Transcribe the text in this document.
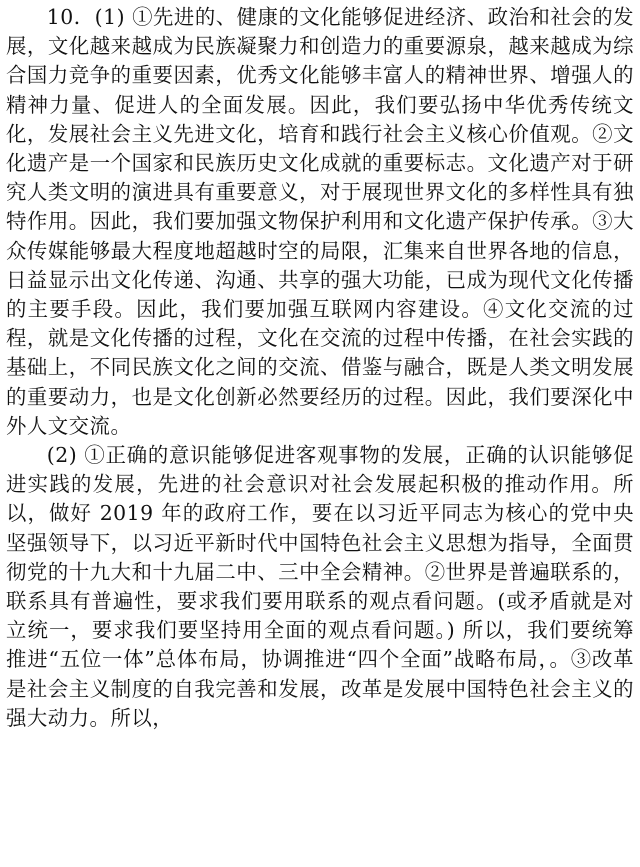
10．(1) ①先进的、健康的文化能够促进经济、政治和社会的发展，文化越来越成为民族凝聚力和创造力的重要源泉，越来越成为综合国力竞争的重要因素，优秀文化能够丰富人的精神世界、增强人的精神力量、促进人的全面发展。因此，我们要弘扬中华优秀传统文化，发展社会主义先进文化，培育和践行社会主义核心价值观。②文化遗产是一个国家和民族历史文化成就的重要标志。文化遗产对于研究人类文明的演进具有重要意义，对于展现世界文化的多样性具有独特作用。因此，我们要加强文物保护利用和文化遗产保护传承。③大众传媒能够最大程度地超越时空的局限，汇集来自世界各地的信息，日益显示出文化传递、沟通、共享的强大功能，已成为现代文化传播的主要手段。因此，我们要加强互联网内容建设。④文化交流的过程，就是文化传播的过程，文化在交流的过程中传播，在社会实践的基础上，不同民族文化之间的交流、借鉴与融合，既是人类文明发展的重要动力，也是文化创新必然要经历的过程。因此，我们要深化中外人文交流。

(2) ①正确的意识能够促进客观事物的发展，正确的认识能够促进实践的发展，先进的社会意识对社会发展起积极的推动作用。所以，做好 2019 年的政府工作，要在以习近平同志为核心的党中央坚强领导下，以习近平新时代中国特色社会主义思想为指导，全面贯彻党的十九大和十九届二中、三中全会精神。②世界是普遍联系的，联系具有普遍性，要求我们要用联系的观点看问题。(或矛盾就是对立统一，要求我们要坚持用全面的观点看问题。) 所以，我们要统筹推进“五位一体”总体布局，协调推进“四个全面”战略布局，。③改革是社会主义制度的自我完善和发展，改革是发展中国特色社会主义的强大动力。所以，
